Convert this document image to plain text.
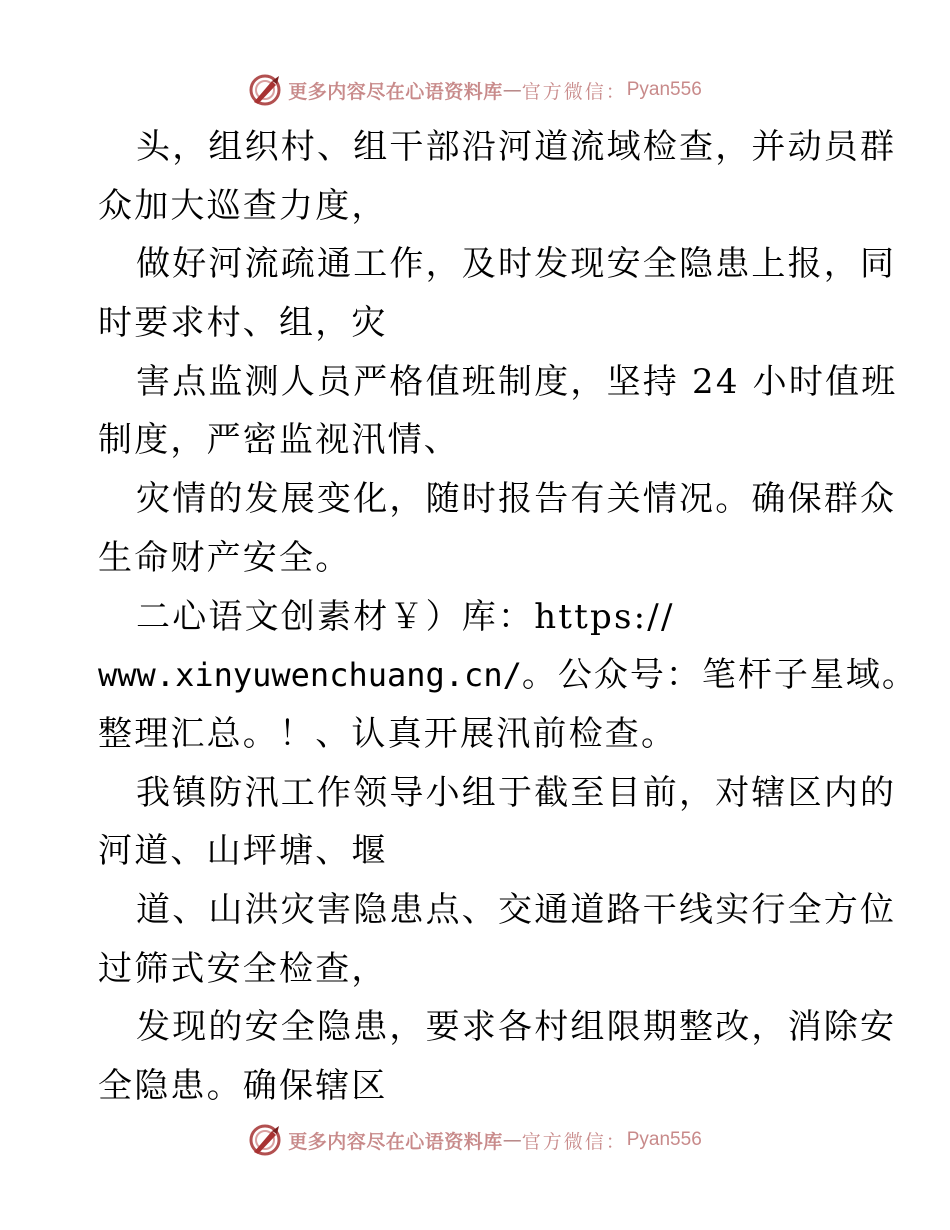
更多内容尽在心语资料库 — 官方微信： Pyan556
头，组织村、组干部沿河道流域检查，并动员群
众加大巡查力度，
做好河流疏通工作，及时发现安全隐患上报，同
时要求村、组，灾
害点监测人员严格值班制度，坚持 24 小时值班
制度，严密监视汛情、
灾情的发展变化，随时报告有关情况。确保群众
生命财产安全。
二心语文创素材￥）库：https://
www.xinyuwenchuang.cn/。公众号：笔杆子星域。
整理汇总。！、认真开展汛前检查。
我镇防汛工作领导小组于截至目前，对辖区内的
河道、山坪塘、堰
道、山洪灾害隐患点、交通道路干线实行全方位
过筛式安全检查，
发现的安全隐患，要求各村组限期整改，消除安
全隐患。确保辖区
更多内容尽在心语资料库 — 官方微信： Pyan556
